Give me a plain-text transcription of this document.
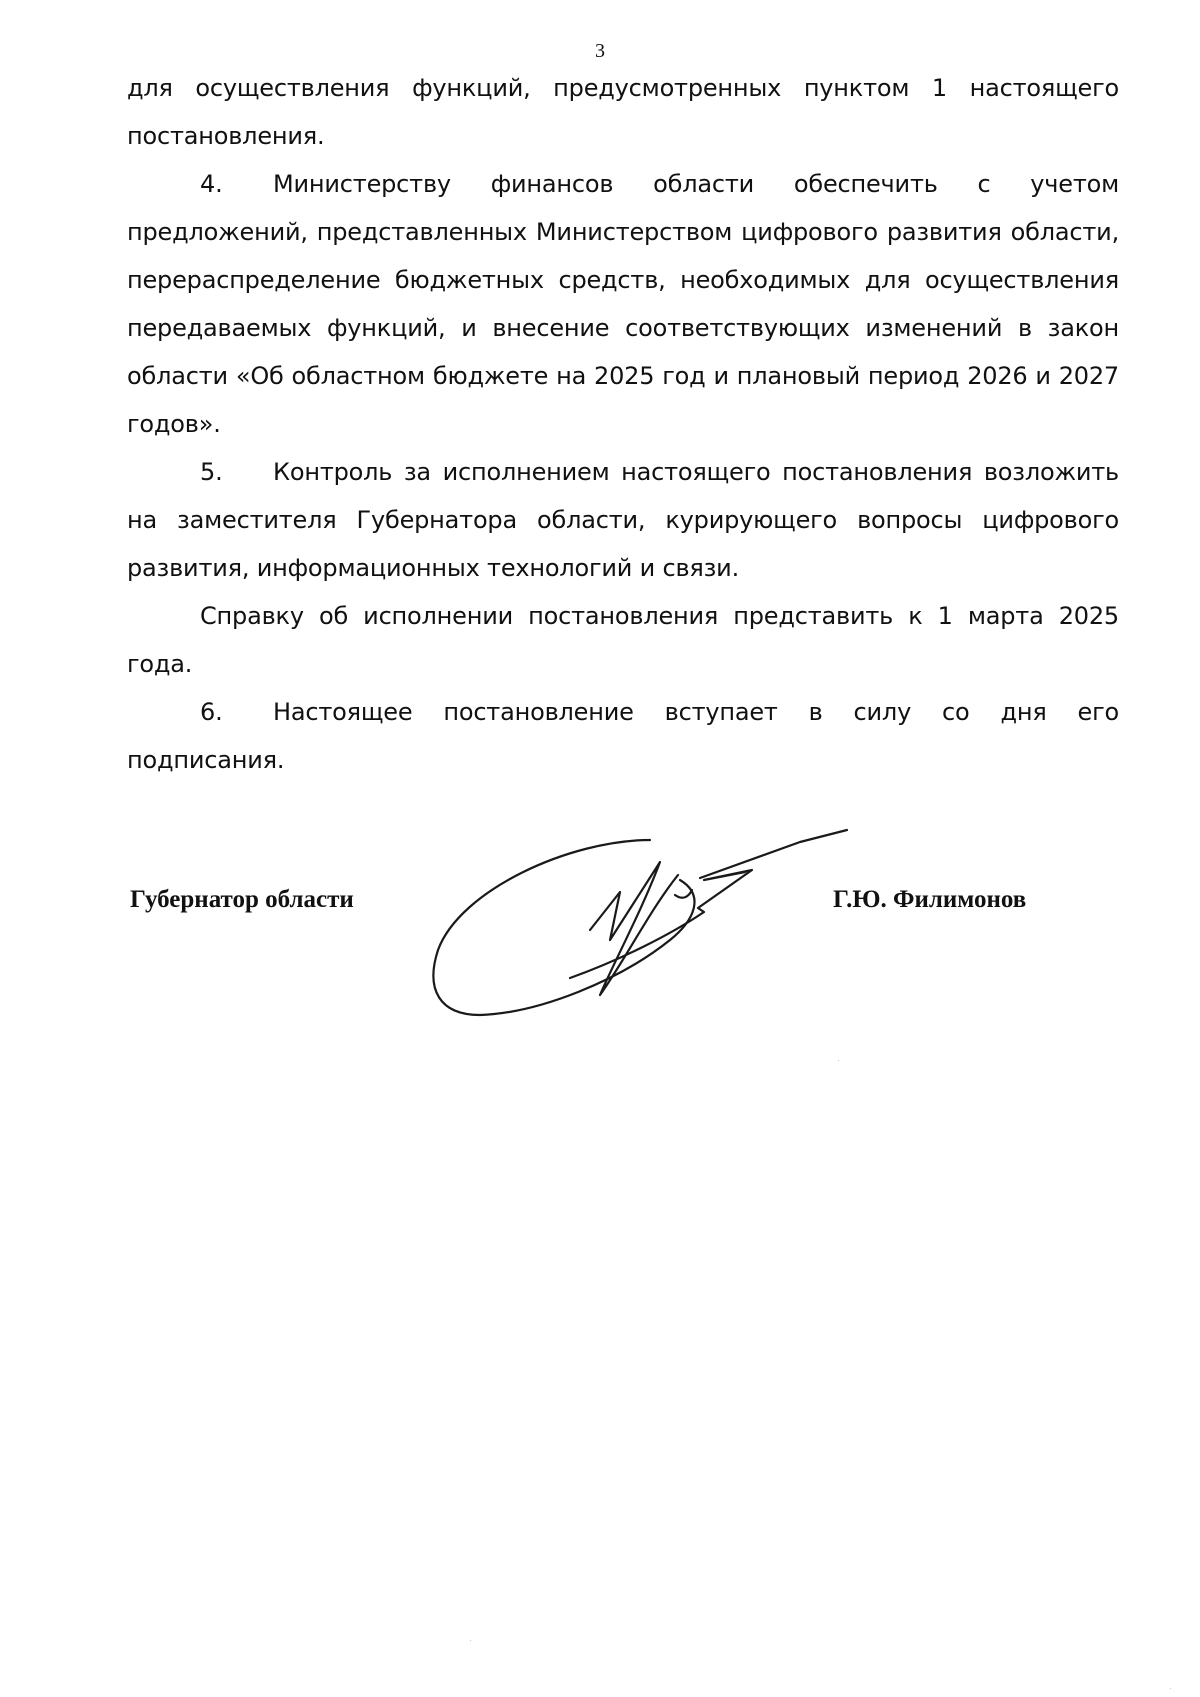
3

для осуществления функций, предусмотренных пунктом 1 настоящего постановления.

4. Министерству финансов области обеспечить с учетом предложений, представленных Министерством цифрового развития области, перераспределение бюджетных средств, необходимых для осуществления передаваемых функций, и внесение соответствующих изменений в закон области «Об областном бюджете на 2025 год и плановый период 2026 и 2027 годов».

5. Контроль за исполнением настоящего постановления возложить на заместителя Губернатора области, курирующего вопросы цифрового развития, информационных технологий и связи.

Справку об исполнении постановления представить к 1 марта 2025 года.

6. Настоящее постановление вступает в силу со дня его подписания.

Губернатор области	Г.Ю. Филимонов
